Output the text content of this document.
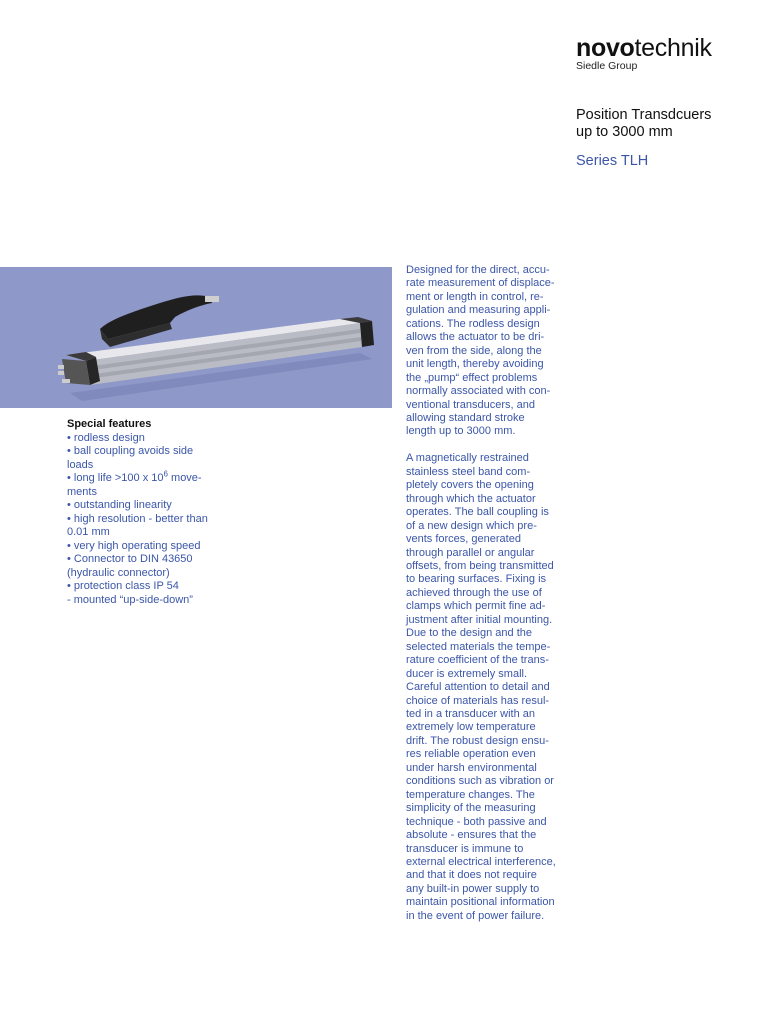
novotechnik
Siedle Group
Position Transdcuers
up to 3000 mm
Series TLH
Special features
• rodless design
• ball coupling avoids side
loads
• long life >100 x $10^6$ move-
ments
• outstanding linearity
• high resolution - better than
0.01 mm
• very high operating speed
• Connector to DIN 43650
(hydraulic connector)
• protection class IP 54
- mounted “up-side-down”
Designed for the direct, accu-
rate measurement of displace-
ment or length in control, re-
gulation and measuring appli-
cations. The rodless design
allows the actuator to be dri-
ven from the side, along the
unit length, thereby avoiding
the „pump“ effect problems
normally associated with con-
ventional transducers, and
allowing standard stroke
length up to 3000 mm.
A magnetically restrained
stainless steel band com-
pletely covers the opening
through which the actuator
operates. The ball coupling is
of a new design which pre-
vents forces, generated
through parallel or angular
offsets, from being transmitted
to bearing surfaces. Fixing is
achieved through the use of
clamps which permit fine ad-
justment after initial mounting.
Due to the design and the
selected materials the tempe-
rature coefficient of the trans-
ducer is extremely small.
Careful attention to detail and
choice of materials has resul-
ted in a transducer with an
extremely low temperature
drift. The robust design ensu-
res reliable operation even
under harsh environmental
conditions such as vibration or
temperature changes. The
simplicity of the measuring
technique - both passive and
absolute - ensures that the
transducer is immune to
external electrical interference,
and that it does not require
any built-in power supply to
maintain positional information
in the event of power failure.
